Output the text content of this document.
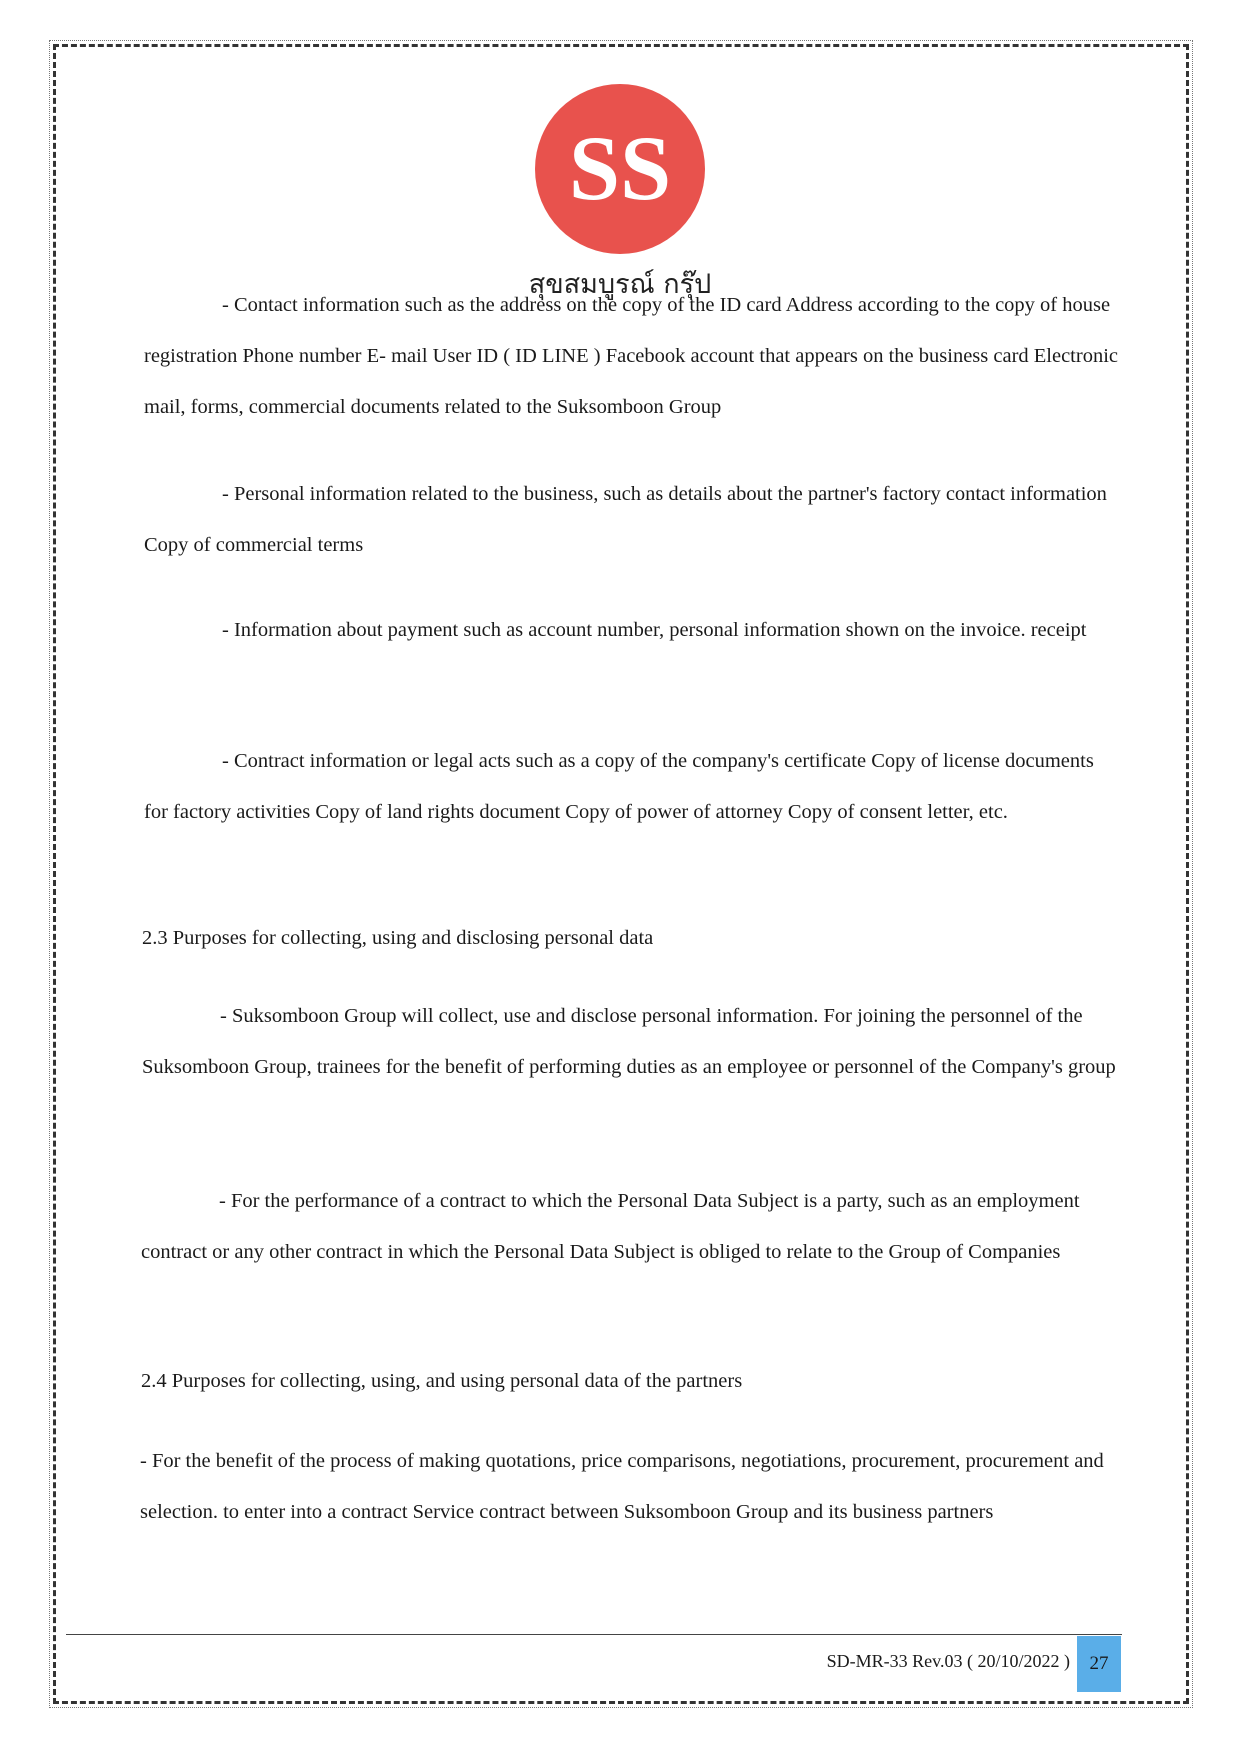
SS
สุขสมบูรณ์ กรุ๊ป

- Contact information such as the address on the copy of the ID card Address according to the copy of house registration Phone number E- mail User ID ( ID LINE ) Facebook account that appears on the business card Electronic mail, forms, commercial documents related to the Suksomboon Group

- Personal information related to the business, such as details about the partner's factory contact information Copy of commercial terms

- Information about payment such as account number, personal information shown on the invoice. receipt

- Contract information or legal acts such as a copy of the company's certificate Copy of license documents for factory activities Copy of land rights document Copy of power of attorney Copy of consent letter, etc.

2.3 Purposes for collecting, using and disclosing personal data

- Suksomboon Group will collect, use and disclose personal information. For joining the personnel of the Suksomboon Group, trainees for the benefit of performing duties as an employee or personnel of the Company's group

- For the performance of a contract to which the Personal Data Subject is a party, such as an employment contract or any other contract in which the Personal Data Subject is obliged to relate to the Group of Companies

2.4 Purposes for collecting, using, and using personal data of the partners

- For the benefit of the process of making quotations, price comparisons, negotiations, procurement, procurement and selection. to enter into a contract Service contract between Suksomboon Group and its business partners

SD-MR-33 Rev.03 ( 20/10/2022 ) 27
